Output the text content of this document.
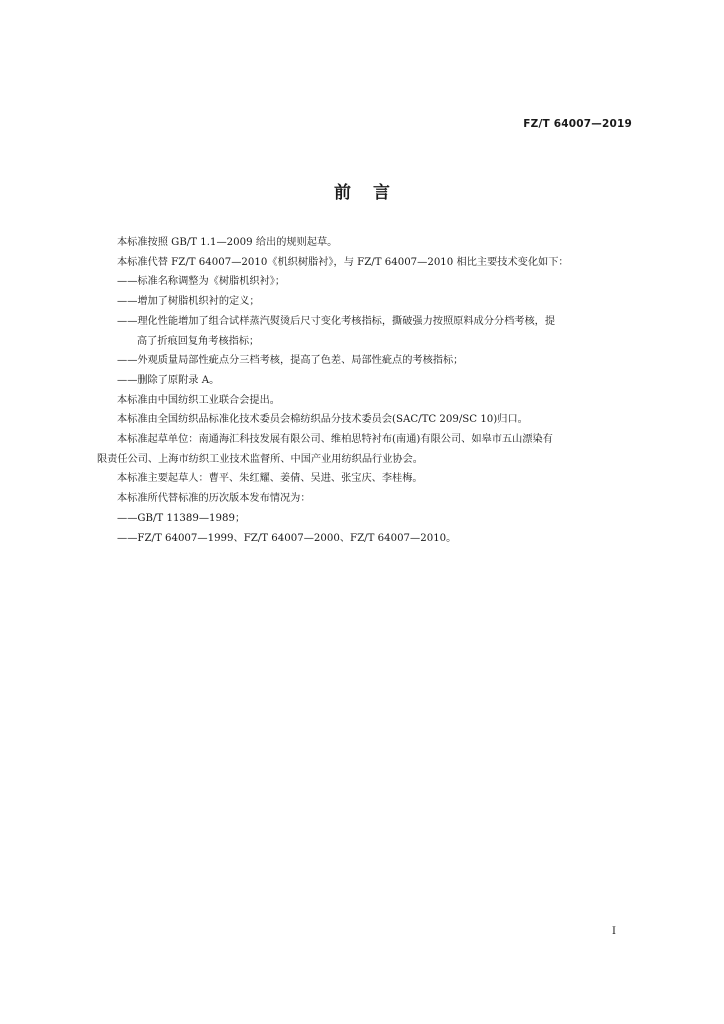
FZ/T 64007—2019
前言

本标准按照 GB/T 1.1—2009 给出的规则起草。

本标准代替 FZ/T 64007—2010《机织树脂衬》，与 FZ/T 64007—2010 相比主要技术变化如下：

——标准名称调整为《树脂机织衬》；

——增加了树脂机织衬的定义；

——理化性能增加了组合试样蒸汽熨烫后尺寸变化考核指标，撕破强力按照原料成分分档考核，提

高了折痕回复角考核指标；

——外观质量局部性疵点分三档考核，提高了色差、局部性疵点的考核指标；

——删除了原附录 A。

本标准由中国纺织工业联合会提出。

本标准由全国纺织品标准化技术委员会棉纺织品分技术委员会(SAC/TC 209/SC 10)归口。

本标准起草单位：南通海汇科技发展有限公司、维柏思特衬布(南通)有限公司、如皋市五山漂染有

限责任公司、上海市纺织工业技术监督所、中国产业用纺织品行业协会。

本标准主要起草人：曹平、朱红耀、姜倩、吴进、张宝庆、李桂梅。

本标准所代替标准的历次版本发布情况为：

——GB/T 11389—1989；

——FZ/T 64007—1999、FZ/T 64007—2000、FZ/T 64007—2010。

I
